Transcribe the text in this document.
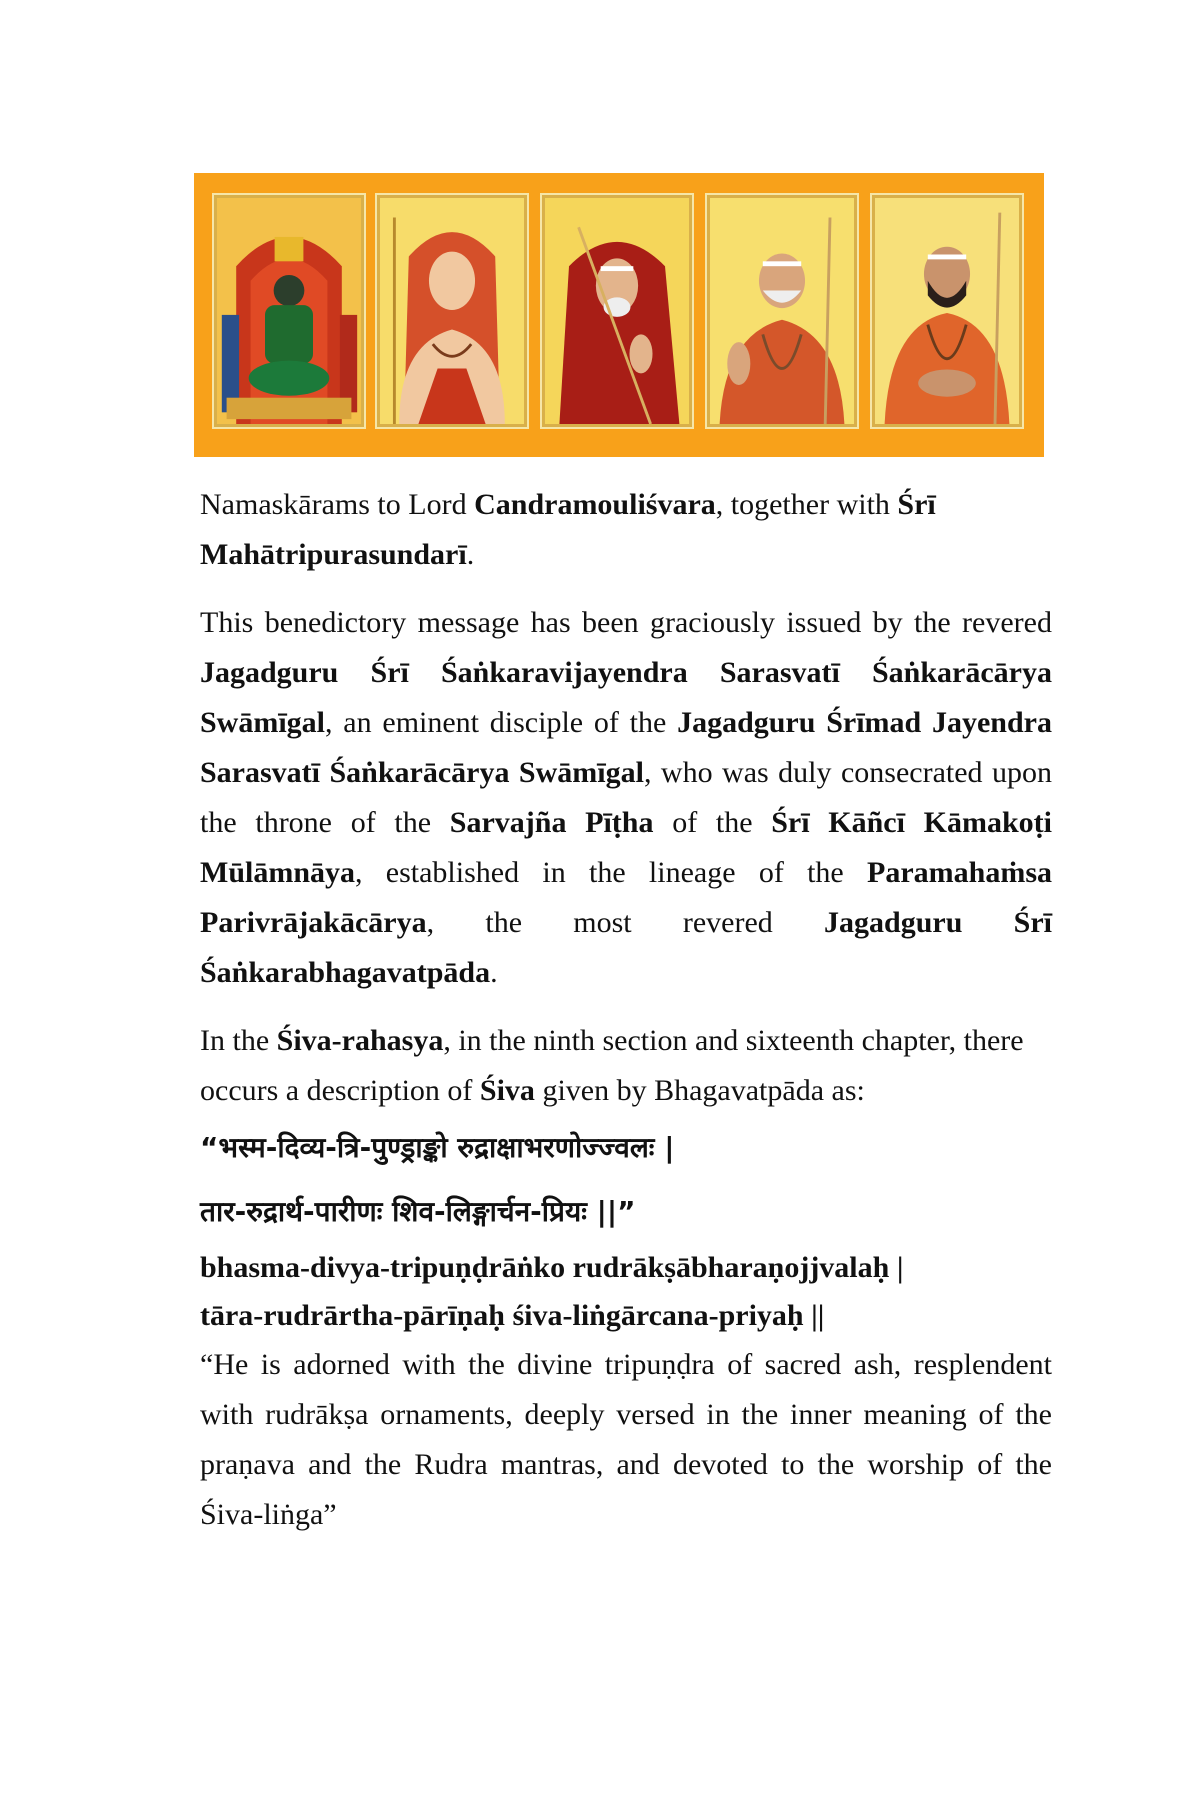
Namaskārams to Lord Candramouliśvara, together with Śrī Mahātripurasundarī.

This benedictory message has been graciously issued by the revered Jagadguru Śrī Śaṅkaravijayendra Sarasvatī Śaṅkarācārya Swāmīgal, an eminent disciple of the Jagadguru Śrīmad Jayendra Sarasvatī Śaṅkarācārya Swāmīgal, who was duly consecrated upon the throne of the Sarvajña Pīṭha of the Śrī Kāñcī Kāmakoṭi Mūlāmnāya, established in the lineage of the Paramahaṁsa Parivrājakācārya, the most revered Jagadguru Śrī Śaṅkarabhagavatpāda.

In the Śiva-rahasya, in the ninth section and sixteenth chapter, there occurs a description of Śiva given by Bhagavatpāda as:

“भस्म-दिव्य-त्रि-पुण्ड्राङ्को रुद्राक्षाभरणोज्ज्वलः |

तार-रुद्रार्थ-पारीणः शिव-लिङ्गार्चन-प्रियः ||”

bhasma-divya-tripuṇḍrāṅko rudrākṣābharaṇojjvalaḥ |

tāra-rudrārtha-pārīṇaḥ śiva-liṅgārcana-priyaḥ ||

“He is adorned with the divine tripuṇḍra of sacred ash, resplendent with rudrākṣa ornaments, deeply versed in the inner meaning of the praṇava and the Rudra mantras, and devoted to the worship of the Śiva-liṅga”
